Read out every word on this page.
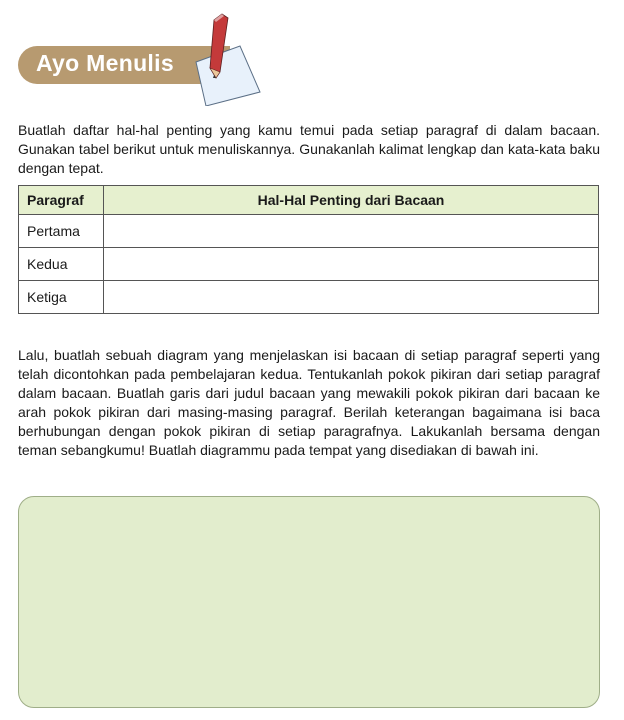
Ayo Menulis

Buatlah daftar hal-hal penting yang kamu temui pada setiap paragraf di dalam bacaan. Gunakan tabel berikut untuk menuliskannya. Gunakanlah kalimat lengkap dan kata-kata baku dengan tepat.

Paragraf	Hal-Hal Penting dari Bacaan
Pertama	
Kedua	
Ketiga	

Lalu, buatlah sebuah diagram yang menjelaskan isi bacaan di setiap paragraf seperti yang telah dicontohkan pada pembelajaran kedua. Tentukanlah pokok pikiran dari setiap paragraf dalam bacaan. Buatlah garis dari judul bacaan yang mewakili pokok pikiran dari bacaan ke arah pokok pikiran dari masing-masing paragraf. Berilah keterangan bagaimana isi baca berhubungan dengan pokok pikiran di setiap paragrafnya. Lakukanlah bersama dengan teman sebangkumu! Buatlah diagrammu pada tempat yang disediakan di bawah ini.
